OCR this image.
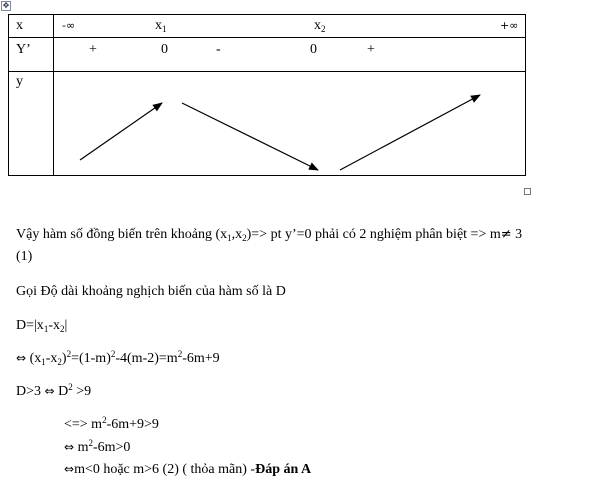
✥
x	-∞ $x_1$ $x_2$ +∞

Y’	+ 0 - 0 +

y	

Vậy hàm số đồng biến trên khoảng $(x_1,x_2)=>$ pt y’=0 phải có 2 nghiệm phân biệt => m≠ 3
(1)
Gọi Độ dài khoảng nghịch biến của hàm số là D
$D=|x_1-x_2|$
⇔ $(x_1-x_2)^2=(1-m)^2-4(m-2)=m^2-6m+9$
D>3 ⇔ $D^2 >9$
<=> $m^2-6m+9>9$
⇔ $m^2-6m>0$
⇔m<0 hoặc m>6 (2) ( thỏa mãn) -Đáp án A
